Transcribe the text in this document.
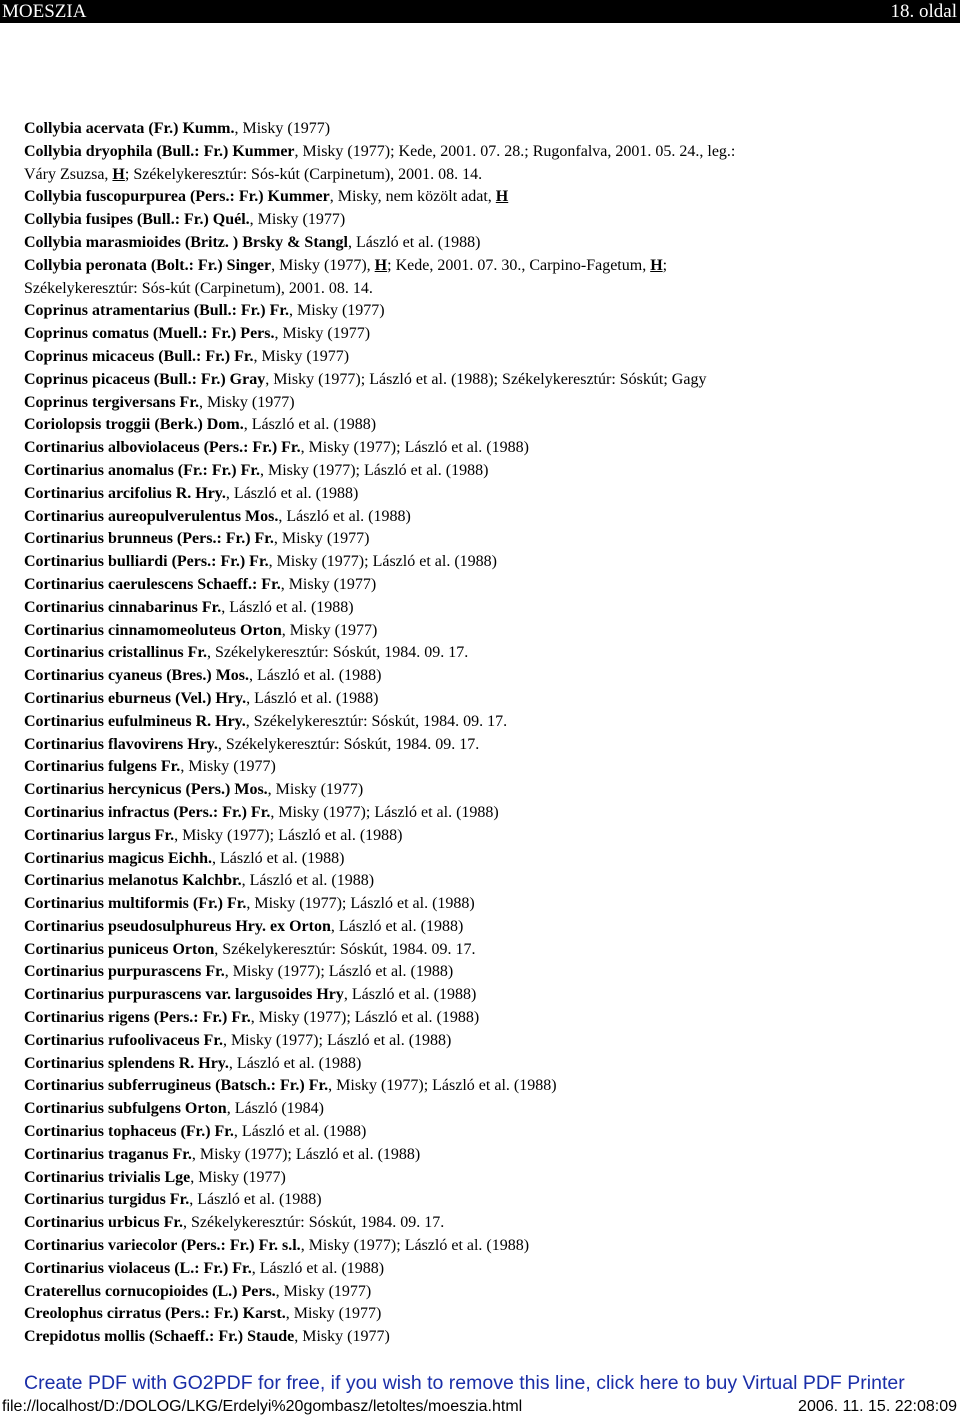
MOESZIA	18. oldal
Collybia acervata (Fr.) Kumm., Misky (1977)
Collybia dryophila (Bull.: Fr.) Kummer, Misky (1977); Kede, 2001. 07. 28.; Rugonfalva, 2001. 05. 24., leg.:
Váry Zsuzsa, H; Székelykeresztúr: Sós-kút (Carpinetum), 2001. 08. 14.
Collybia fuscopurpurea (Pers.: Fr.) Kummer, Misky, nem közölt adat, H
Collybia fusipes (Bull.: Fr.) Quél., Misky (1977)
Collybia marasmioides (Britz. ) Brsky & Stangl, László et al. (1988)
Collybia peronata (Bolt.: Fr.) Singer, Misky (1977), H; Kede, 2001. 07. 30., Carpino-Fagetum, H;
Székelykeresztúr: Sós-kút (Carpinetum), 2001. 08. 14.
Coprinus atramentarius (Bull.: Fr.) Fr., Misky (1977)
Coprinus comatus (Muell.: Fr.) Pers., Misky (1977)
Coprinus micaceus (Bull.: Fr.) Fr., Misky (1977)
Coprinus picaceus (Bull.: Fr.) Gray, Misky (1977); László et al. (1988); Székelykeresztúr: Sóskút; Gagy
Coprinus tergiversans Fr., Misky (1977)
Coriolopsis troggii (Berk.) Dom., László et al. (1988)
Cortinarius alboviolaceus (Pers.: Fr.) Fr., Misky (1977); László et al. (1988)
Cortinarius anomalus (Fr.: Fr.) Fr., Misky (1977); László et al. (1988)
Cortinarius arcifolius R. Hry., László et al. (1988)
Cortinarius aureopulverulentus Mos., László et al. (1988)
Cortinarius brunneus (Pers.: Fr.) Fr., Misky (1977)
Cortinarius bulliardi (Pers.: Fr.) Fr., Misky (1977); László et al. (1988)
Cortinarius caerulescens Schaeff.: Fr., Misky (1977)
Cortinarius cinnabarinus Fr., László et al. (1988)
Cortinarius cinnamomeoluteus Orton, Misky (1977)
Cortinarius cristallinus Fr., Székelykeresztúr: Sóskút, 1984. 09. 17.
Cortinarius cyaneus (Bres.) Mos., László et al. (1988)
Cortinarius eburneus (Vel.) Hry., László et al. (1988)
Cortinarius eufulmineus R. Hry., Székelykeresztúr: Sóskút, 1984. 09. 17.
Cortinarius flavovirens Hry., Székelykeresztúr: Sóskút, 1984. 09. 17.
Cortinarius fulgens Fr., Misky (1977)
Cortinarius hercynicus (Pers.) Mos., Misky (1977)
Cortinarius infractus (Pers.: Fr.) Fr., Misky (1977); László et al. (1988)
Cortinarius largus Fr., Misky (1977); László et al. (1988)
Cortinarius magicus Eichh., László et al. (1988)
Cortinarius melanotus Kalchbr., László et al. (1988)
Cortinarius multiformis (Fr.) Fr., Misky (1977); László et al. (1988)
Cortinarius pseudosulphureus Hry. ex Orton, László et al. (1988)
Cortinarius puniceus Orton, Székelykeresztúr: Sóskút, 1984. 09. 17.
Cortinarius purpurascens Fr., Misky (1977); László et al. (1988)
Cortinarius purpurascens var. largusoides Hry, László et al. (1988)
Cortinarius rigens (Pers.: Fr.) Fr., Misky (1977); László et al. (1988)
Cortinarius rufoolivaceus Fr., Misky (1977); László et al. (1988)
Cortinarius splendens R. Hry., László et al. (1988)
Cortinarius subferrugineus (Batsch.: Fr.) Fr., Misky (1977); László et al. (1988)
Cortinarius subfulgens Orton, László (1984)
Cortinarius tophaceus (Fr.) Fr., László et al. (1988)
Cortinarius traganus Fr., Misky (1977); László et al. (1988)
Cortinarius trivialis Lge, Misky (1977)
Cortinarius turgidus Fr., László et al. (1988)
Cortinarius urbicus Fr., Székelykeresztúr: Sóskút, 1984. 09. 17.
Cortinarius variecolor (Pers.: Fr.) Fr. s.l., Misky (1977); László et al. (1988)
Cortinarius violaceus (L.: Fr.) Fr., László et al. (1988)
Craterellus cornucopioides (L.) Pers., Misky (1977)
Creolophus cirratus (Pers.: Fr.) Karst., Misky (1977)
Crepidotus mollis (Schaeff.: Fr.) Staude, Misky (1977)
Create PDF with GO2PDF for free, if you wish to remove this line, click here to buy Virtual PDF Printer
file://localhost/D:/DOLOG/LKG/Erdelyi%20gombasz/letoltes/moeszia.html	2006. 11. 15. 22:08:09
